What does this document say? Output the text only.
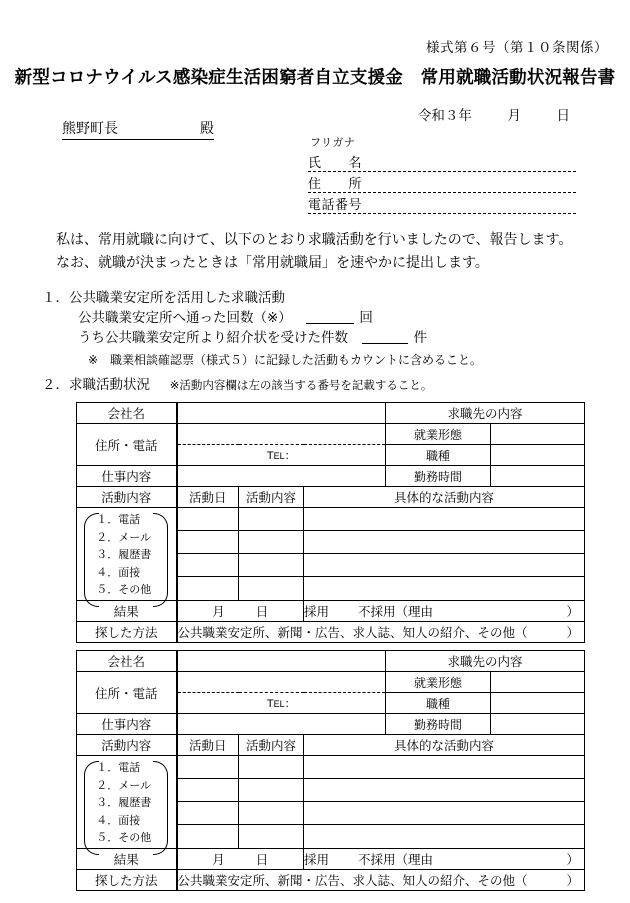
様式第６号（第１０条関係）
新型コロナウイルス感染症生活困窮者自立支援金　常用就職活動状況報告書
令和３年	月	日
熊野町長	殿
フリガナ
氏 名
住 所
電話番号
私は、常用就職に向けて、以下のとおり求職活動を行いましたので、報告します。
なお、就職が決まったときは「常用就職届」を速やかに提出します。
１．公共職業安定所を活用した求職活動
公共職業安定所へ通った回数（※）	回
うち公共職業安定所より紹介状を受けた件数	件
※　職業相談確認票（様式５）に記録した活動もカウントに含めること。
２．求職活動状況 ※活動内容欄は左の該当する番号を記載すること。
会社名				求職先の内容	
住所・電話				就業形態	
	TEL：			職種	
仕事内容				勤務時間	
活動内容	活動日	活動内容	具体的な活動内容		

１．電話
２．メール
３．履歴書
４．面接
５．その他					

結果	月 日		採用 不採用（理由 ）		

探した方法	公共職業安定所、新聞・広告、求人誌、知人の紹介、その他（ ）				
会社名				求職先の内容	
住所・電話				就業形態	
	TEL：			職種	
仕事内容				勤務時間	
活動内容	活動日	活動内容	具体的な活動内容		

１．電話
２．メール
３．履歴書
４．面接
５．その他					

結果	月 日		採用 不採用（理由 ）		

探した方法	公共職業安定所、新聞・広告、求人誌、知人の紹介、その他（ ）				
